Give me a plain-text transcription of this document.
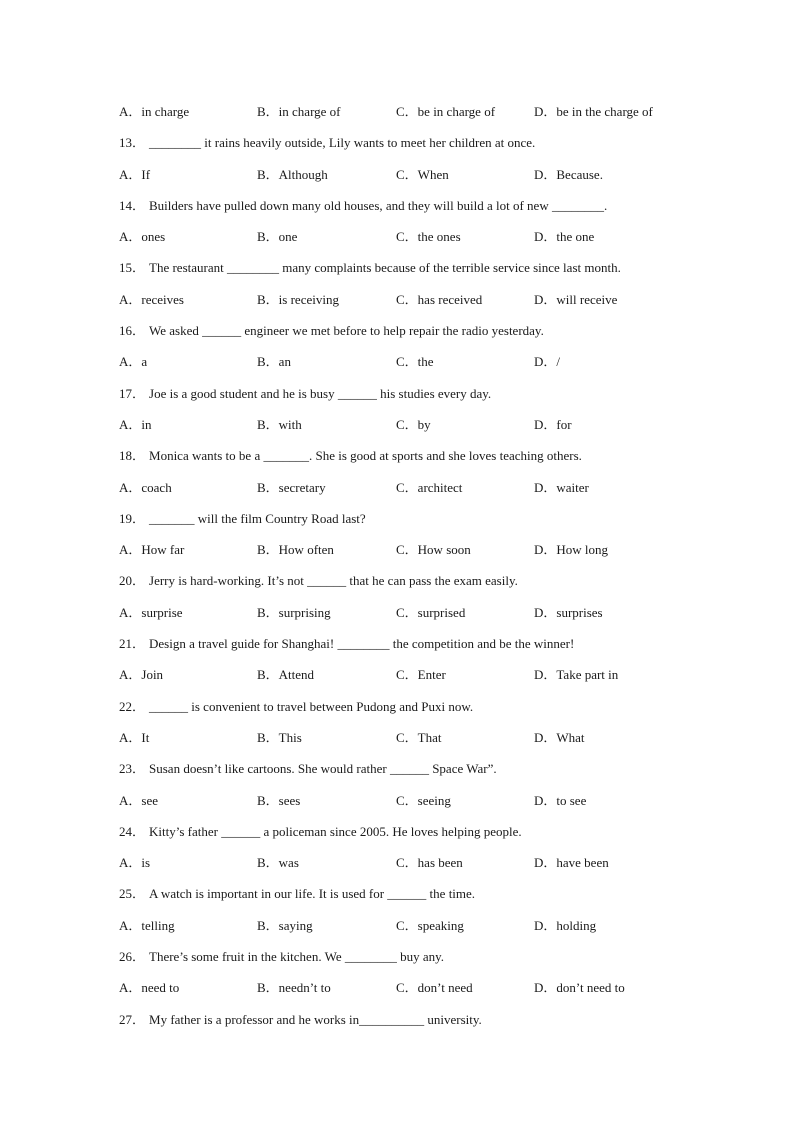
A．in charge	B．in charge of	C．be in charge of	D．be in the charge of
13． ________ it rains heavily outside, Lily wants to meet her children at once.
A．If	B．Although	C．When	D．Because.
14． Builders have pulled down many old houses, and they will build a lot of new ________.
A．ones	B．one	C．the ones	D．the one
15． The restaurant ________ many complaints because of the terrible service since last month.
A．receives	B．is receiving	C．has received	D．will receive
16． We asked ______ engineer we met before to help repair the radio yesterday.
A．a	B．an	C．the	D．/
17． Joe is a good student and he is busy ______ his studies every day.
A．in	B．with	C．by	D．for
18． Monica wants to be a _______. She is good at sports and she loves teaching others.
A．coach	B．secretary	C．architect	D．waiter
19． _______ will the film Country Road last?
A．How far	B．How often	C．How soon	D．How long
20． Jerry is hard-working. It’s not ______ that he can pass the exam easily.
A．surprise	B．surprising	C．surprised	D．surprises
21． Design a travel guide for Shanghai! ________ the competition and be the winner!
A．Join	B．Attend	C．Enter	D．Take part in
22． ______ is convenient to travel between Pudong and Puxi now.
A．It	B．This	C．That	D．What
23． Susan doesn’t like cartoons. She would rather ______ Space War”.
A．see	B．sees	C．seeing	D．to see
24． Kitty’s father ______ a policeman since 2005. He loves helping people.
A．is	B．was	C．has been	D．have been
25． A watch is important in our life. It is used for ______ the time.
A．telling	B．saying	C．speaking	D．holding
26． There’s some fruit in the kitchen. We ________ buy any.
A．need to	B．needn’t to	C．don’t need	D．don’t need to
27． My father is a professor and he works in__________ university.
